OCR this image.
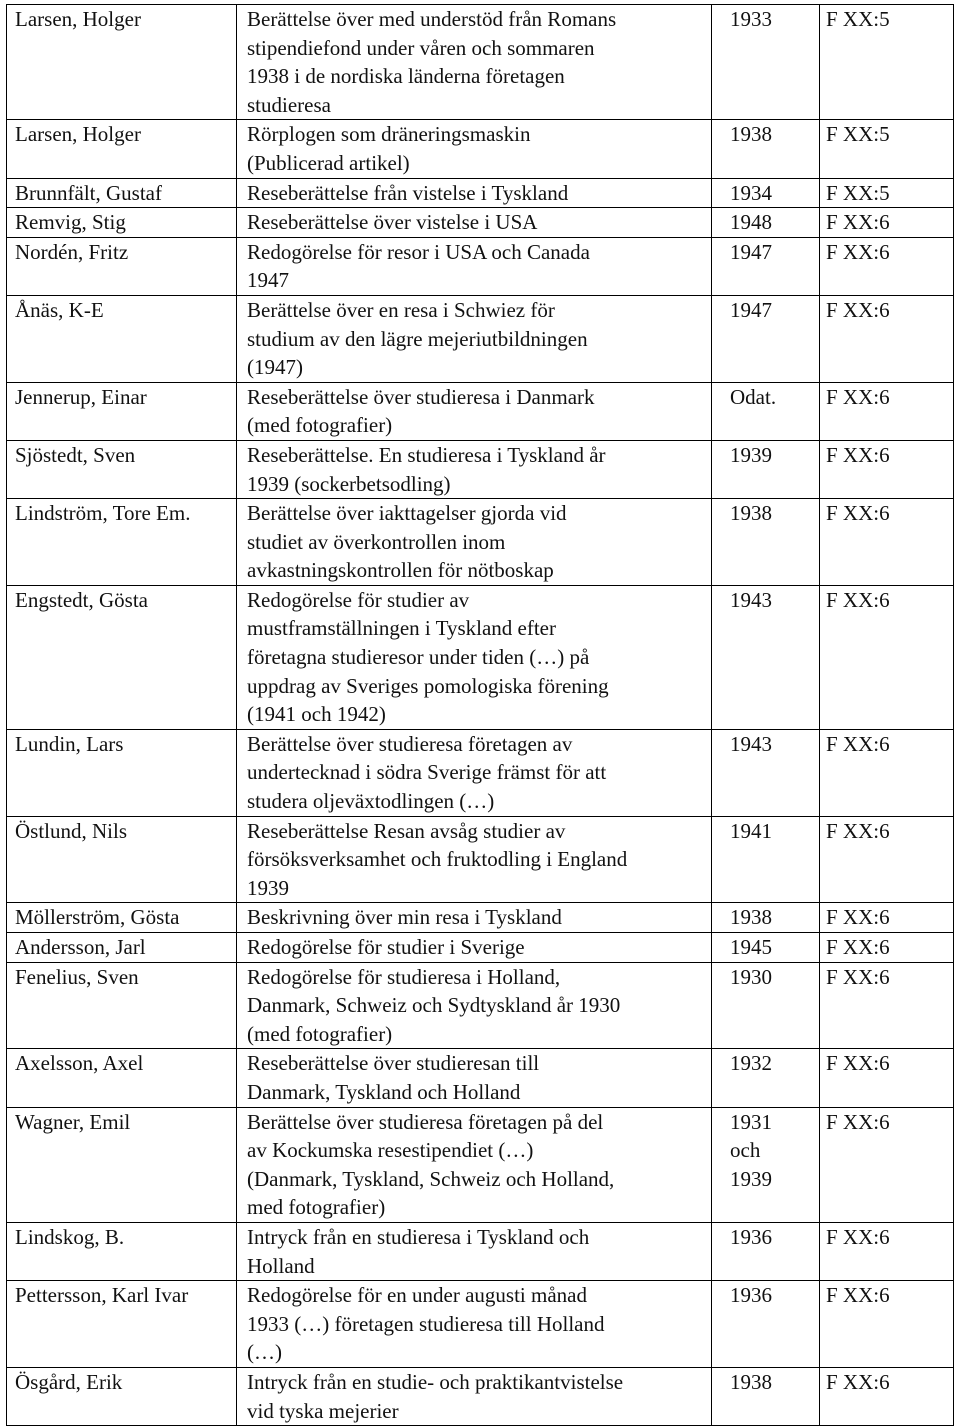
Larsen, Holger	Berättelse över med understöd från Romans
stipendiefond under våren och sommaren
1938 i de nordiska länderna företagen
studieresa	1933	F XX:5
Larsen, Holger	Rörplogen som dräneringsmaskin
(Publicerad artikel)	1938	F XX:5
Brunnfält, Gustaf	Reseberättelse från vistelse i Tyskland	1934	F XX:5
Remvig, Stig	Reseberättelse över vistelse i USA	1948	F XX:6
Nordén, Fritz	Redogörelse för resor i USA och Canada
1947	1947	F XX:6
Ånäs, K-E	Berättelse över en resa i Schwiez för
studium av den lägre mejeriutbildningen
(1947)	1947	F XX:6
Jennerup, Einar	Reseberättelse över studieresa i Danmark
(med fotografier)	Odat.	F XX:6
Sjöstedt, Sven	Reseberättelse. En studieresa i Tyskland år
1939 (sockerbetsodling)	1939	F XX:6
Lindström, Tore Em.	Berättelse över iakttagelser gjorda vid
studiet av överkontrollen inom
avkastningskontrollen för nötboskap	1938	F XX:6
Engstedt, Gösta	Redogörelse för studier av
mustframställningen i Tyskland efter
företagna studieresor under tiden (…) på
uppdrag av Sveriges pomologiska förening
(1941 och 1942)	1943	F XX:6
Lundin, Lars	Berättelse över studieresa företagen av
undertecknad i södra Sverige främst för att
studera oljeväxtodlingen (…)	1943	F XX:6
Östlund, Nils	Reseberättelse Resan avsåg studier av
försöksverksamhet och fruktodling i England
1939	1941	F XX:6
Möllerström, Gösta	Beskrivning över min resa i Tyskland	1938	F XX:6
Andersson, Jarl	Redogörelse för studier i Sverige	1945	F XX:6
Fenelius, Sven	Redogörelse för studieresa i Holland,
Danmark, Schweiz och Sydtyskland år 1930
(med fotografier)	1930	F XX:6
Axelsson, Axel	Reseberättelse över studieresan till
Danmark, Tyskland och Holland	1932	F XX:6
Wagner, Emil	Berättelse över studieresa företagen på del
av Kockumska resestipendiet (…)
(Danmark, Tyskland, Schweiz och Holland,
med fotografier)	1931
och
1939	F XX:6
Lindskog, B.	Intryck från en studieresa i Tyskland och
Holland	1936	F XX:6
Pettersson, Karl Ivar	Redogörelse för en under augusti månad
1933 (…) företagen studieresa till Holland
(…)	1936	F XX:6
Ösgård, Erik	Intryck från en studie- och praktikantvistelse
vid tyska mejerier	1938	F XX:6
